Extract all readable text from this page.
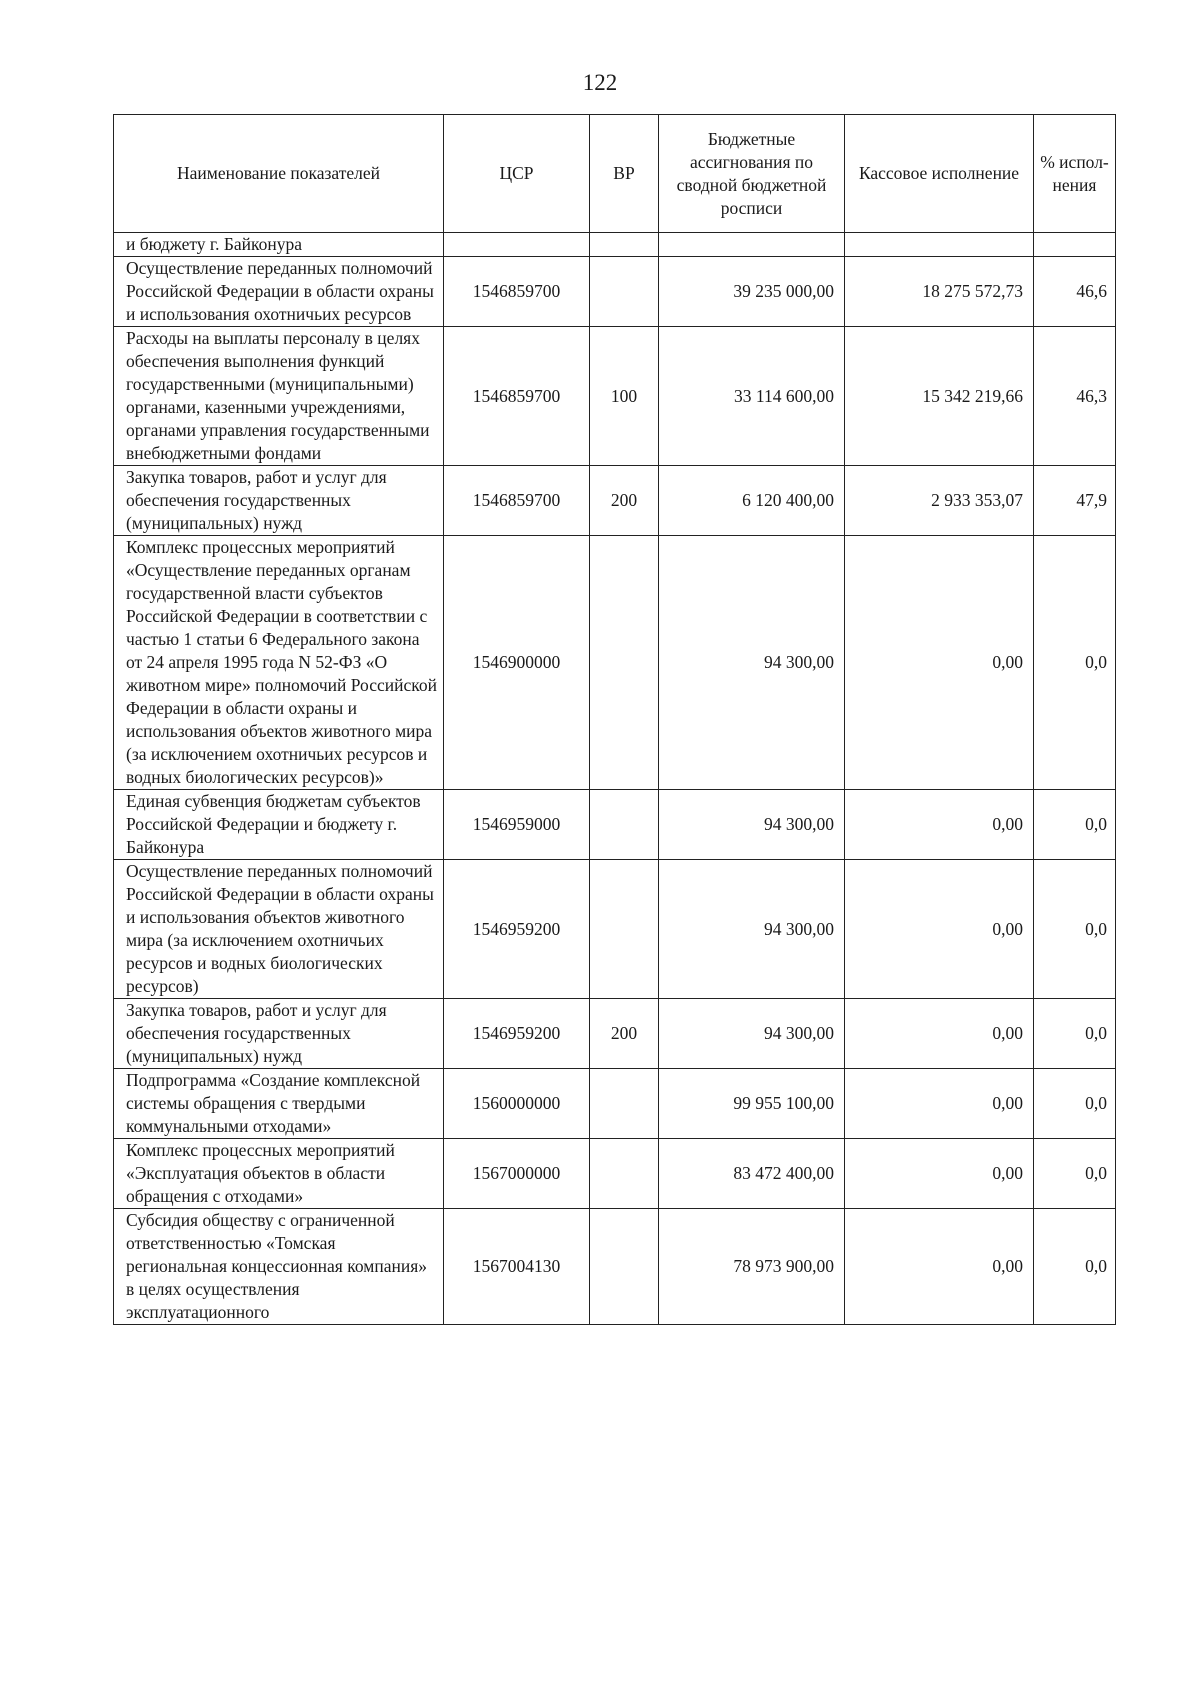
122
Наименование показателей	ЦСР	ВР	Бюджетные ассигнования по сводной бюджетной росписи	Кассовое исполнение	% испол-нения
и бюджету г. Байконура					
Осуществление переданных полномочий Российской Федерации в области охраны и использования охотничьих ресурсов	1546859700		39 235 000,00	18 275 572,73	46,6
Расходы на выплаты персоналу в целях обеспечения выполнения функций государственными (муниципальными) органами, казенными учреждениями, органами управления государственными внебюджетными фондами	1546859700	100	33 114 600,00	15 342 219,66	46,3
Закупка товаров, работ и услуг для обеспечения государственных (муниципальных) нужд	1546859700	200	6 120 400,00	2 933 353,07	47,9
Комплекс процессных мероприятий «Осуществление переданных органам государственной власти субъектов Российской Федерации в соответствии с частью 1 статьи 6 Федерального закона от 24 апреля 1995 года N 52-ФЗ «О животном мире» полномочий Российской Федерации в области охраны и использования объектов животного мира (за исключением охотничьих ресурсов и водных биологических ресурсов)»	1546900000		94 300,00	0,00	0,0
Единая субвенция бюджетам субъектов Российской Федерации и бюджету г. Байконура	1546959000		94 300,00	0,00	0,0
Осуществление переданных полномочий Российской Федерации в области охраны и использования объектов животного мира (за исключением охотничьих ресурсов и водных биологических ресурсов)	1546959200		94 300,00	0,00	0,0
Закупка товаров, работ и услуг для обеспечения государственных (муниципальных) нужд	1546959200	200	94 300,00	0,00	0,0
Подпрограмма «Создание комплексной системы обращения с твердыми коммунальными отходами»	1560000000		99 955 100,00	0,00	0,0
Комплекс процессных мероприятий «Эксплуатация объектов в области обращения с отходами»	1567000000		83 472 400,00	0,00	0,0
Субсидия обществу с ограниченной ответственностью «Томская региональная концессионная компания» в целях осуществления эксплуатационного	1567004130		78 973 900,00	0,00	0,0
